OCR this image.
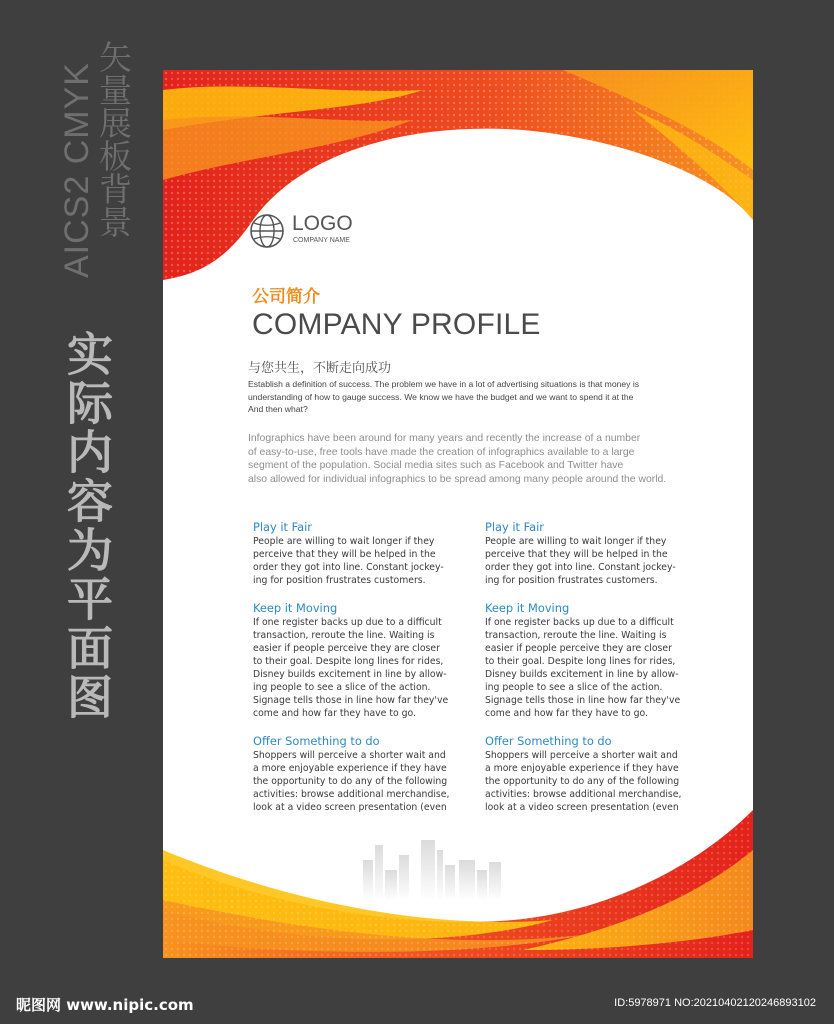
AICS2 CMYK
矢量展板背景
实际内容为平面图
LOGO
COMPANY NAME
公司简介
COMPANY PROFILE
与您共生，不断走向成功
Establish a definition of success. The problem we have in a lot of advertising situations is that money is
understanding of how to gauge success. We know we have the budget and we want to spend it at the
And then what?
Infographics have been around for many years and recently the increase of a number
of easy-to-use, free tools have made the creation of infographics available to a large
segment of the population. Social media sites such as Facebook and Twitter have
also allowed for individual infographics to be spread among many people around the world.
Play it Fair
People are willing to wait longer if they
perceive that they will be helped in the
order they got into line. Constant jockey-
ing for position frustrates customers.
Keep it Moving
If one register backs up due to a difficult
transaction, reroute the line. Waiting is
easier if people perceive they are closer
to their goal. Despite long lines for rides,
Disney builds excitement in line by allow-
ing people to see a slice of the action.
Signage tells those in line how far they've
come and how far they have to go.
Offer Something to do
Shoppers will perceive a shorter wait and
a more enjoyable experience if they have
the opportunity to do any of the following
activities: browse additional merchandise,
look at a video screen presentation (even
Play it Fair
People are willing to wait longer if they
perceive that they will be helped in the
order they got into line. Constant jockey-
ing for position frustrates customers.
Keep it Moving
If one register backs up due to a difficult
transaction, reroute the line. Waiting is
easier if people perceive they are closer
to their goal. Despite long lines for rides,
Disney builds excitement in line by allow-
ing people to see a slice of the action.
Signage tells those in line how far they've
come and how far they have to go.
Offer Something to do
Shoppers will perceive a shorter wait and
a more enjoyable experience if they have
the opportunity to do any of the following
activities: browse additional merchandise,
look at a video screen presentation (even
昵图网 www.nipic.com	ID:5978971 NO:20210402120246893102
